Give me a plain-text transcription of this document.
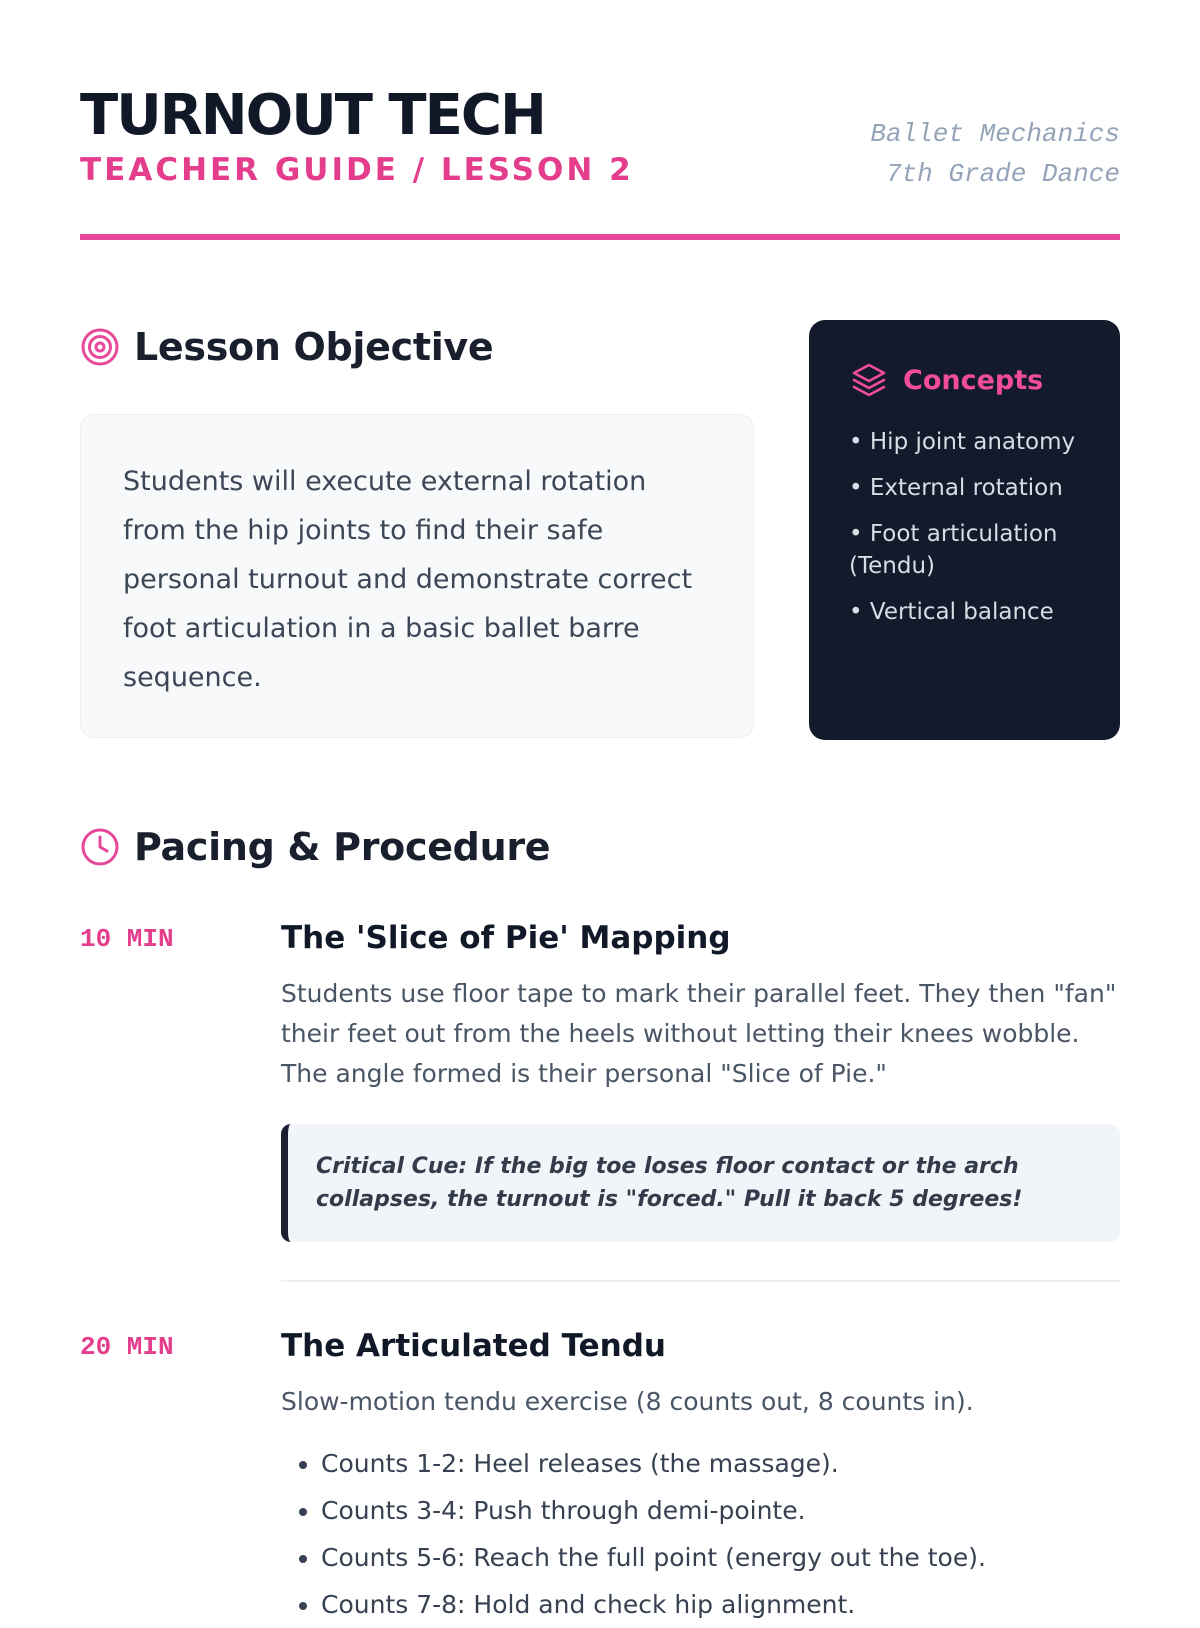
TURNOUT TECH
TEACHER GUIDE / LESSON 2
Ballet Mechanics
7th Grade Dance
Lesson Objective

Students will execute external rotation from the hip joints to find their safe personal turnout and demonstrate correct foot articulation in a basic ballet barre sequence.

Concepts
• Hip joint anatomy
• External rotation
• Foot articulation (Tendu)
• Vertical balance
Pacing & Procedure
10 MIN	The 'Slice of Pie' Mapping

Students use floor tape to mark their parallel feet. They then "fan" their feet out from the heels without letting their knees wobble. The angle formed is their personal "Slice of Pie."

Critical Cue: If the big toe loses floor contact or the arch collapses, the turnout is "forced." Pull it back 5 degrees!
20 MIN	The Articulated Tendu

Slow-motion tendu exercise (8 counts out, 8 counts in).

• Counts 1-2: Heel releases (the massage).
• Counts 3-4: Push through demi-pointe.
• Counts 5-6: Reach the full point (energy out the toe).
• Counts 7-8: Hold and check hip alignment.
